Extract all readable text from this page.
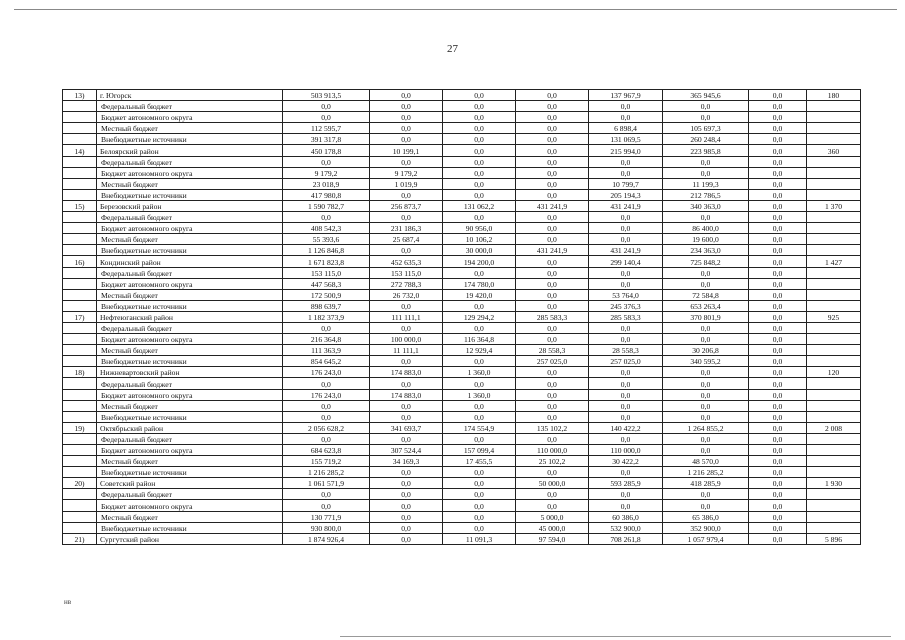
27
13)	г. Югорск	503 913,5	0,0	0,0	0,0	137 967,9	365 945,6	0,0	180
	Федеральный бюджет	0,0	0,0	0,0	0,0	0,0	0,0	0,0	
	Бюджет автономного округа	0,0	0,0	0,0	0,0	0,0	0,0	0,0	
	Местный бюджет	112 595,7	0,0	0,0	0,0	6 898,4	105 697,3	0,0	
	Внебюджетные источники	391 317,8	0,0	0,0	0,0	131 069,5	260 248,4	0,0	
14)	Белоярский район	450 178,8	10 199,1	0,0	0,0	215 994,0	223 985,8	0,0	360
	Федеральный бюджет	0,0	0,0	0,0	0,0	0,0	0,0	0,0	
	Бюджет автономного округа	9 179,2	9 179,2	0,0	0,0	0,0	0,0	0,0	
	Местный бюджет	23 018,9	1 019,9	0,0	0,0	10 799,7	11 199,3	0,0	
	Внебюджетные источники	417 980,8	0,0	0,0	0,0	205 194,3	212 786,5	0,0	
15)	Березовский район	1 590 782,7	256 873,7	131 062,2	431 241,9	431 241,9	340 363,0	0,0	1 370
	Федеральный бюджет	0,0	0,0	0,0	0,0	0,0	0,0	0,0	
	Бюджет автономного округа	408 542,3	231 186,3	90 956,0	0,0	0,0	86 400,0	0,0	
	Местный бюджет	55 393,6	25 687,4	10 106,2	0,0	0,0	19 600,0	0,0	
	Внебюджетные источники	1 126 846,8	0,0	30 000,0	431 241,9	431 241,9	234 363,0	0,0	
16)	Кондинский район	1 671 823,8	452 635,3	194 200,0	0,0	299 140,4	725 848,2	0,0	1 427
	Федеральный бюджет	153 115,0	153 115,0	0,0	0,0	0,0	0,0	0,0	
	Бюджет автономного округа	447 568,3	272 788,3	174 780,0	0,0	0,0	0,0	0,0	
	Местный бюджет	172 500,9	26 732,0	19 420,0	0,0	53 764,0	72 584,8	0,0	
	Внебюджетные источники	898 639,7	0,0	0,0	0,0	245 376,3	653 263,4	0,0	
17)	Нефтеюганский район	1 182 373,9	111 111,1	129 294,2	285 583,3	285 583,3	370 801,9	0,0	925
	Федеральный бюджет	0,0	0,0	0,0	0,0	0,0	0,0	0,0	
	Бюджет автономного округа	216 364,8	100 000,0	116 364,8	0,0	0,0	0,0	0,0	
	Местный бюджет	111 363,9	11 111,1	12 929,4	28 558,3	28 558,3	30 206,8	0,0	
	Внебюджетные источники	854 645,2	0,0	0,0	257 025,0	257 025,0	340 595,2	0,0	
18)	Нижневартовский район	176 243,0	174 883,0	1 360,0	0,0	0,0	0,0	0,0	120
	Федеральный бюджет	0,0	0,0	0,0	0,0	0,0	0,0	0,0	
	Бюджет автономного округа	176 243,0	174 883,0	1 360,0	0,0	0,0	0,0	0,0	
	Местный бюджет	0,0	0,0	0,0	0,0	0,0	0,0	0,0	
	Внебюджетные источники	0,0	0,0	0,0	0,0	0,0	0,0	0,0	
19)	Октябрьский район	2 056 628,2	341 693,7	174 554,9	135 102,2	140 422,2	1 264 855,2	0,0	2 008
	Федеральный бюджет	0,0	0,0	0,0	0,0	0,0	0,0	0,0	
	Бюджет автономного округа	684 623,8	307 524,4	157 099,4	110 000,0	110 000,0	0,0	0,0	
	Местный бюджет	155 719,2	34 169,3	17 455,5	25 102,2	30 422,2	48 570,0	0,0	
	Внебюджетные источники	1 216 285,2	0,0	0,0	0,0	0,0	1 216 285,2	0,0	
20)	Советский район	1 061 571,9	0,0	0,0	50 000,0	593 285,9	418 285,9	0,0	1 930
	Федеральный бюджет	0,0	0,0	0,0	0,0	0,0	0,0	0,0	
	Бюджет автономного округа	0,0	0,0	0,0	0,0	0,0	0,0	0,0	
	Местный бюджет	130 771,9	0,0	0,0	5 000,0	60 386,0	65 386,0	0,0	
	Внебюджетные источники	930 800,0	0,0	0,0	45 000,0	532 900,0	352 900,0	0,0	
21)	Сургутский район	1 874 926,4	0,0	11 091,3	97 594,0	708 261,8	1 057 979,4	0,0	5 896
нв
